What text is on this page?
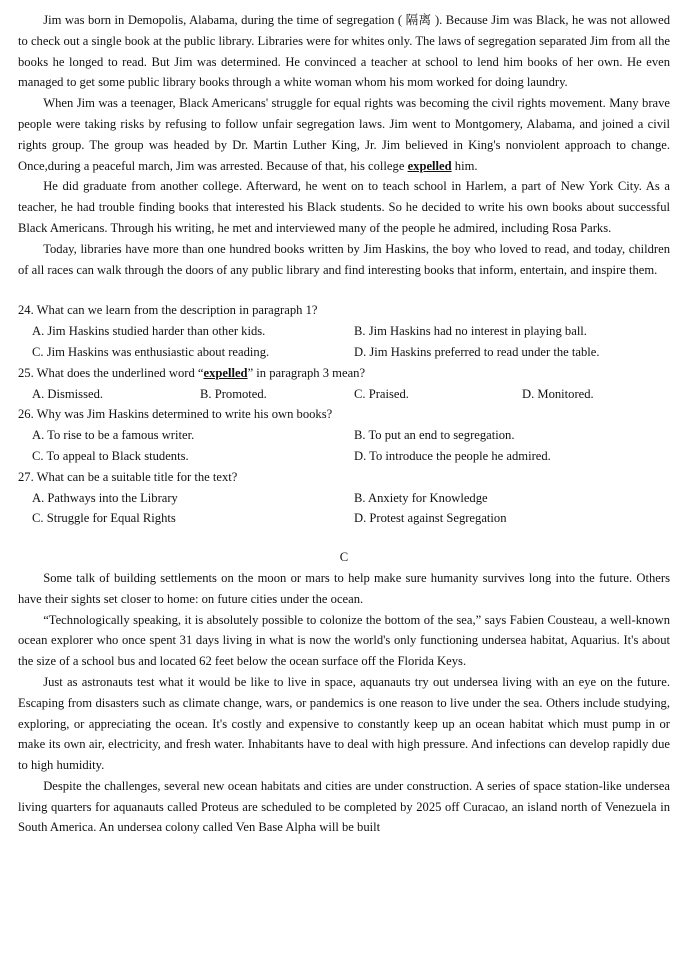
Jim was born in Demopolis, Alabama, during the time of segregation ( 隔离 ). Because Jim was Black, he was not allowed to check out a single book at the public library. Libraries were for whites only. The laws of segregation separated Jim from all the books he longed to read. But Jim was determined. He convinced a teacher at school to lend him books of her own. He even managed to get some public library books through a white woman whom his mom worked for doing laundry.

When Jim was a teenager, Black Americans' struggle for equal rights was becoming the civil rights movement. Many brave people were taking risks by refusing to follow unfair segregation laws. Jim went to Montgomery, Alabama, and joined a civil rights group. The group was headed by Dr. Martin Luther King, Jr. Jim believed in King's nonviolent approach to change. Once,during a peaceful march, Jim was arrested. Because of that, his college expelled him.

He did graduate from another college. Afterward, he went on to teach school in Harlem, a part of New York City. As a teacher, he had trouble finding books that interested his Black students. So he decided to write his own books about successful Black Americans. Through his writing, he met and interviewed many of the people he admired, including Rosa Parks.

Today, libraries have more than one hundred books written by Jim Haskins, the boy who loved to read, and today, children of all races can walk through the doors of any public library and find interesting books that inform, entertain, and inspire them.

24. What can we learn from the description in paragraph 1?

A. Jim Haskins studied harder than other kids.	B. Jim Haskins had no interest in playing ball.
C. Jim Haskins was enthusiastic about reading.	D. Jim Haskins preferred to read under the table.

25. What does the underlined word “expelled” in paragraph 3 mean?

A. Dismissed.	B. Promoted.	C. Praised.	D. Monitored.

26. Why was Jim Haskins determined to write his own books?

A. To rise to be a famous writer.	B. To put an end to segregation.
C. To appeal to Black students.	D. To introduce the people he admired.

27. What can be a suitable title for the text?

A. Pathways into the Library	B. Anxiety for Knowledge
C. Struggle for Equal Rights	D. Protest against Segregation
C

Some talk of building settlements on the moon or mars to help make sure humanity survives long into the future. Others have their sights set closer to home: on future cities under the ocean.

“Technologically speaking, it is absolutely possible to colonize the bottom of the sea,” says Fabien Cousteau, a well-known ocean explorer who once spent 31 days living in what is now the world's only functioning undersea habitat, Aquarius. It's about the size of a school bus and located 62 feet below the ocean surface off the Florida Keys.

Just as astronauts test what it would be like to live in space, aquanauts try out undersea living with an eye on the future. Escaping from disasters such as climate change, wars, or pandemics is one reason to live under the sea. Others include studying, exploring, or appreciating the ocean. It's costly and expensive to constantly keep up an ocean habitat which must pump in or make its own air, electricity, and fresh water. Inhabitants have to deal with high pressure. And infections can develop rapidly due to high humidity.

Despite the challenges, several new ocean habitats and cities are under construction. A series of space station-like undersea living quarters for aquanauts called Proteus are scheduled to be completed by 2025 off Curacao, an island north of Venezuela in South America. An undersea colony called Ven Base Alpha will be built
